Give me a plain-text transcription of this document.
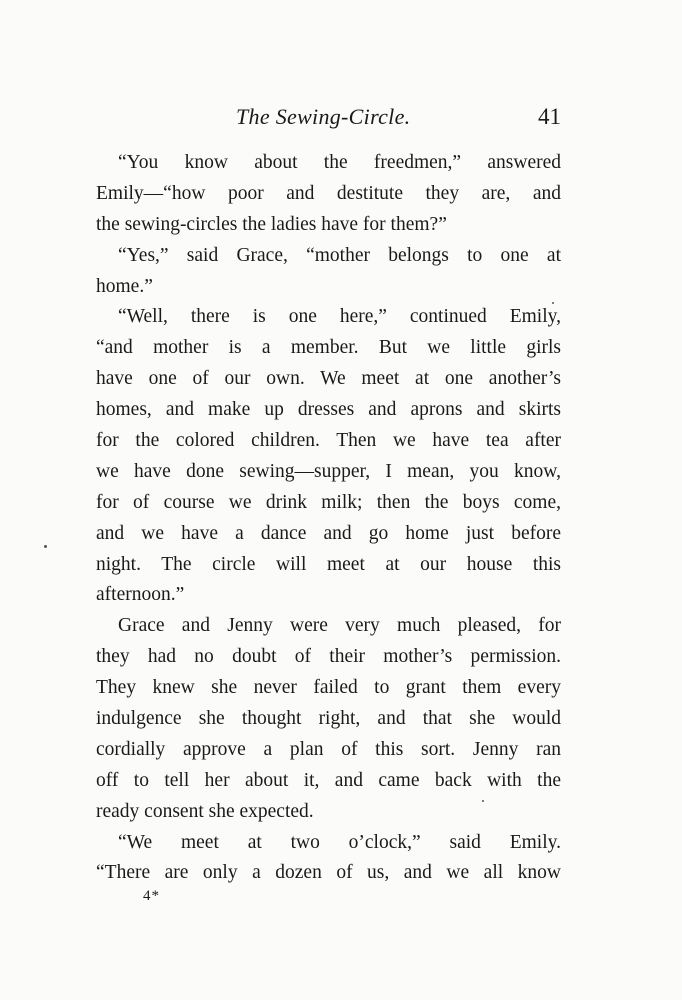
The Sewing-Circle.	41
“You know about the freedmen,” answered
Emily—“how poor and destitute they are, and
the sewing-circles the ladies have for them?”
“Yes,” said Grace, “mother belongs to one at
home.”
“Well, there is one here,” continued Emily,
“and mother is a member. But we little girls
have one of our own. We meet at one another’s
homes, and make up dresses and aprons and skirts
for the colored children. Then we have tea after
we have done sewing—supper, I mean, you know,
for of course we drink milk; then the boys come,
and we have a dance and go home just before
night. The circle will meet at our house this
afternoon.”
Grace and Jenny were very much pleased, for
they had no doubt of their mother’s permission.
They knew she never failed to grant them every
indulgence she thought right, and that she would
cordially approve a plan of this sort. Jenny ran
off to tell her about it, and came back with the
ready consent she expected.
“We meet at two o’clock,” said Emily.
“There are only a dozen of us, and we all know
4*
